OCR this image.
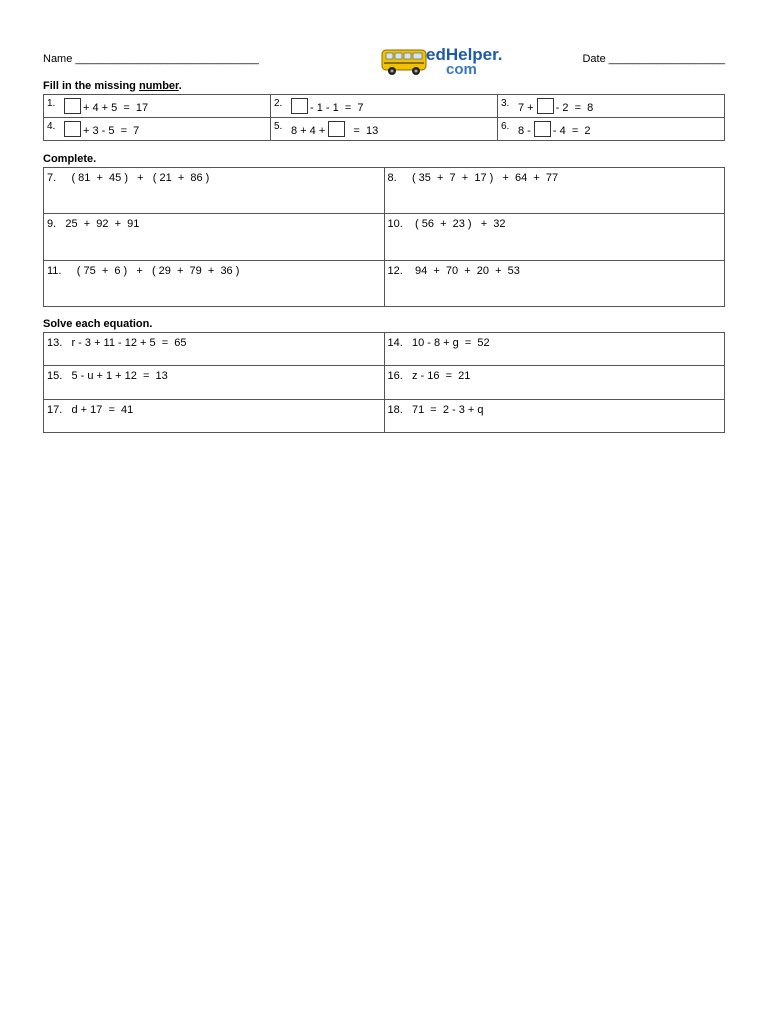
Name ______________________________	edHelper.
com
Date ___________________
Fill in the missing number.
1. + 4 + 5  =  17	2. - 1 - 1  =  7	3. 7 + - 2  =  8

4. + 3 - 5  =  7	5. 8 + 4 + =  13	6. 8 - - 4  =  2
Complete.
7.     ( 81  +  45 )   +   ( 21  +  86 )	8.     ( 35  +  7  +  17 )   +  64  +  77

9.   25  +  92  +  91	10.    ( 56  +  23 )   +  32

11.     ( 75  +  6 )   +   ( 29  +  79  +  36 )	12.    94  +  70  +  20  +  53
Solve each equation.
13.   r - 3 + 11 - 12 + 5  =  65	14.   10 - 8 + g  =  52

15.   5 - u + 1 + 12  =  13	16.   z - 16  =  21

17.   d + 17  =  41	18.   71  =  2 - 3 + q
